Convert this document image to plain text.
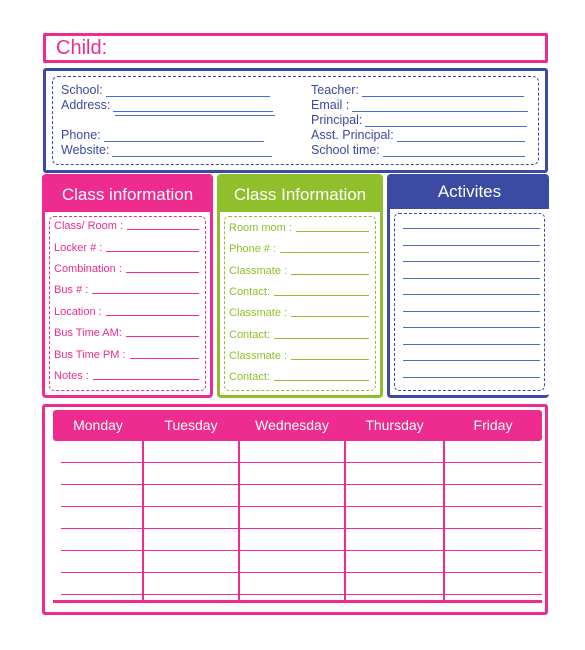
Child:
School:
Address:
Phone:
Website:
Teacher:
Email :
Principal:
Asst. Principal:
School time:
Class information
Class/ Room :
Locker # :
Combination :
Bus # :
Location :
Bus Time AM:
Bus Time PM :
Notes :
Class Information
Room mom :
Phone # :
Classmate :
Contact:
Classmate :
Contact:
Classmate :
Contact:
Activites
Monday	Tuesday	Wednesday	Thursday	Friday
